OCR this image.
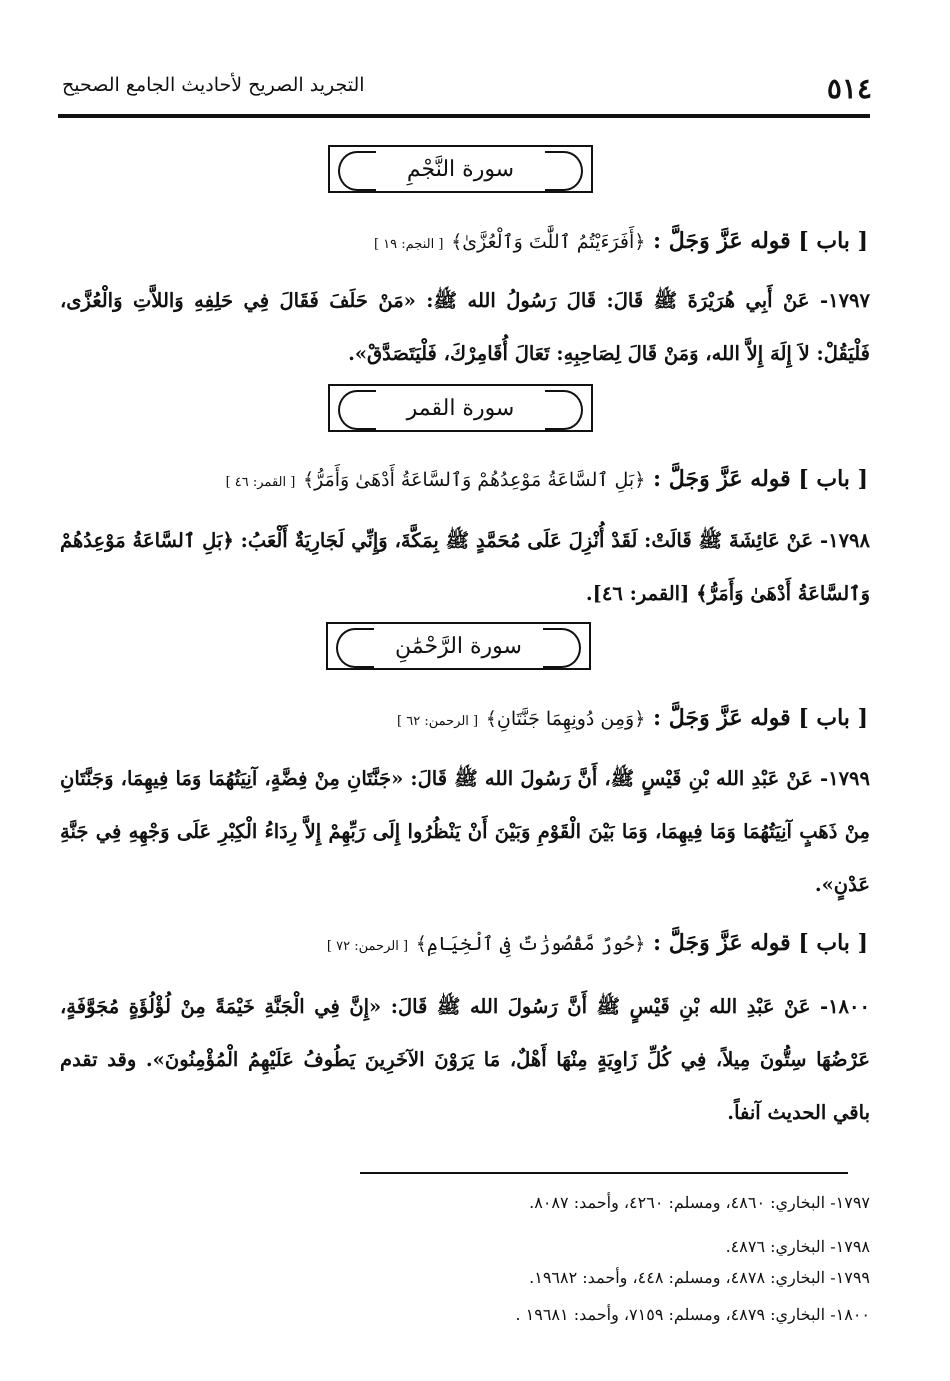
٥١٤
التجريد الصريح لأحاديث الجامع الصحيح
سورة النَّجْمِ
[ باب ] قوله عَزَّ وَجَلَّ : ﴿أَفَرَءَيْتُمُ ٱللَّٰتَ وَٱلْعُزَّىٰ﴾ [ النجم: ١٩ ]
١٧٩٧- عَنْ أَبِي هُرَيْرَةَ ﷺ قَالَ: قَالَ رَسُولُ الله ﷺ: «مَنْ حَلَفَ فَقَالَ فِي حَلِفِهِ وَاللاَّتِ وَالْعُزَّى، فَلْيَقُلْ: لاَ إِلَهَ إِلاَّ الله، وَمَنْ قَالَ لِصَاحِبِهِ: تَعَالَ أُقَامِرْكَ، فَلْيَتَصَدَّقْ».
سورة القمر
[ باب ] قوله عَزَّ وَجَلَّ : ﴿بَلِ ٱلسَّاعَةُ مَوْعِدُهُمْ وَٱلسَّاعَةُ أَدْهَىٰ وَأَمَرُّ﴾ [ القمر: ٤٦ ]
١٧٩٨- عَنْ عَائِشَةَ ﷺ قَالَتْ: لَقَدْ أُنْزِلَ عَلَى مُحَمَّدٍ ﷺ بِمَكَّةَ، وَإِنِّي لَجَارِيَةٌ أَلْعَبُ: ﴿بَلِ ٱلسَّاعَةُ مَوْعِدُهُمْ وَٱلسَّاعَةُ أَدْهَىٰ وَأَمَرُّ﴾ [القمر: ٤٦].
سورة الرَّحْمَٰنِ
[ باب ] قوله عَزَّ وَجَلَّ : ﴿وَمِن دُونِهِمَا جَنَّتَانِ﴾ [ الرحمن: ٦٢ ]
١٧٩٩- عَنْ عَبْدِ الله بْنِ قَيْسٍ ﷺ، أَنَّ رَسُولَ الله ﷺ قَالَ: «جَنَّتَانِ مِنْ فِضَّةٍ، آنِيَتُهُمَا وَمَا فِيهِمَا، وَجَنَّتَانِ مِنْ ذَهَبٍ آنِيَتُهُمَا وَمَا فِيهِمَا، وَمَا بَيْنَ الْقَوْمِ وَبَيْنَ أَنْ يَنْظُرُوا إِلَى رَبِّهِمْ إِلاَّ رِدَاءُ الْكِبْرِ عَلَى وَجْهِهِ فِي جَنَّةِ عَدْنٍ».
[ باب ] قوله عَزَّ وَجَلَّ : ﴿حُورٌ مَّقْصُورَٰتٌ فِى ٱلْخِيَامِ﴾ [ الرحمن: ٧٢ ]
١٨٠٠- عَنْ عَبْدِ الله بْنِ قَيْسٍ ﷺ أَنَّ رَسُولَ الله ﷺ قَالَ: «إِنَّ فِي الْجَنَّةِ خَيْمَةً مِنْ لُؤْلُؤَةٍ مُجَوَّفَةٍ، عَرْضُهَا سِتُّونَ مِيلاً، فِي كُلِّ زَاوِيَةٍ مِنْهَا أَهْلٌ، مَا يَرَوْنَ الآخَرِينَ يَطُوفُ عَلَيْهِمُ الْمُؤْمِنُونَ». وقد تقدم باقي الحديث آنفاً.
١٧٩٧- البخاري: ٤٨٦٠، ومسلم: ٤٢٦٠، وأحمد: ٨٠٨٧.
١٧٩٨- البخاري: ٤٨٧٦.
١٧٩٩- البخاري: ٤٨٧٨، ومسلم: ٤٤٨، وأحمد: ١٩٦٨٢.
١٨٠٠- البخاري: ٤٨٧٩، ومسلم: ٧١٥٩، وأحمد: ١٩٦٨١ .
